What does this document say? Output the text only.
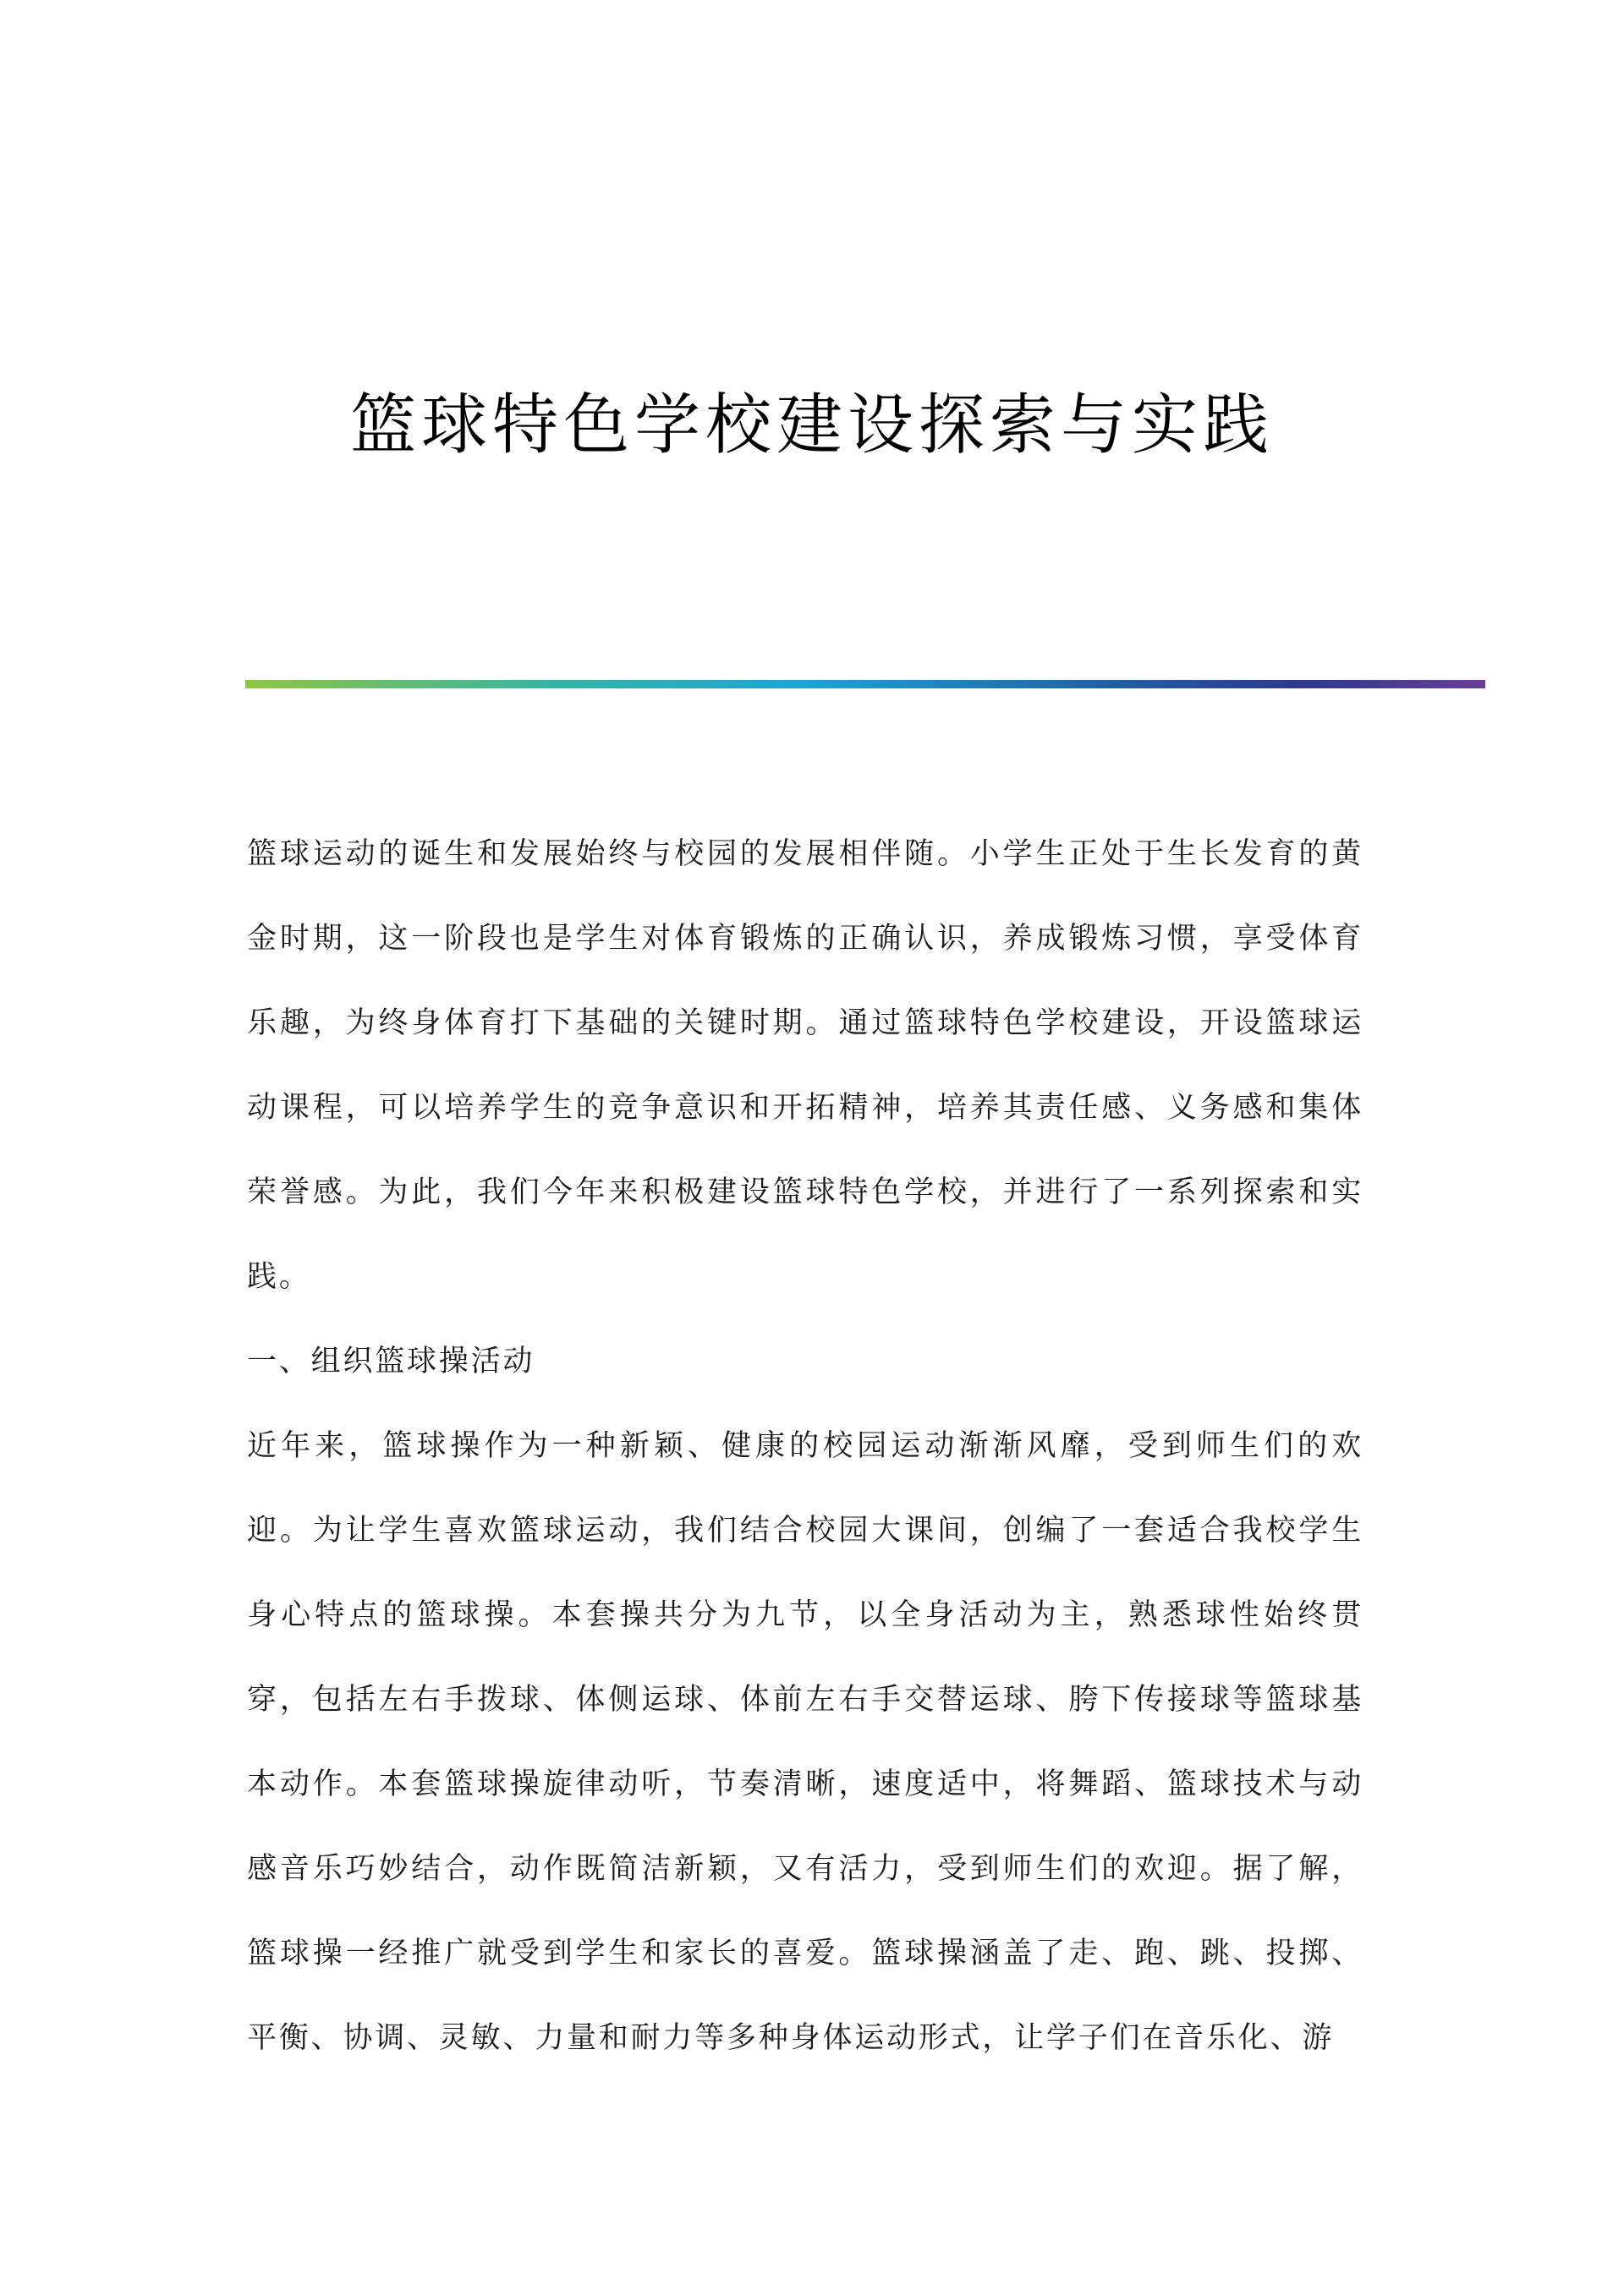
篮球特色学校建设探索与实践

篮球运动的诞生和发展始终与校园的发展相伴随。小学生正处于生长发育的黄金时期，这一阶段也是学生对体育锻炼的正确认识，养成锻炼习惯，享受体育乐趣，为终身体育打下基础的关键时期。通过篮球特色学校建设，开设篮球运动课程，可以培养学生的竞争意识和开拓精神，培养其责任感、义务感和集体荣誉感。为此，我们今年来积极建设篮球特色学校，并进行了一系列探索和实践。

一、组织篮球操活动

近年来，篮球操作为一种新颖、健康的校园运动渐渐风靡，受到师生们的欢迎。为让学生喜欢篮球运动，我们结合校园大课间，创编了一套适合我校学生身心特点的篮球操。本套操共分为九节，以全身活动为主，熟悉球性始终贯穿，包括左右手拨球、体侧运球、体前左右手交替运球、胯下传接球等篮球基本动作。本套篮球操旋律动听，节奏清晰，速度适中，将舞蹈、篮球技术与动感音乐巧妙结合，动作既简洁新颖，又有活力，受到师生们的欢迎。据了解，篮球操一经推广就受到学生和家长的喜爱。篮球操涵盖了走、跑、跳、投掷、平衡、协调、灵敏、力量和耐力等多种身体运动形式，让学子们在音乐化、游
